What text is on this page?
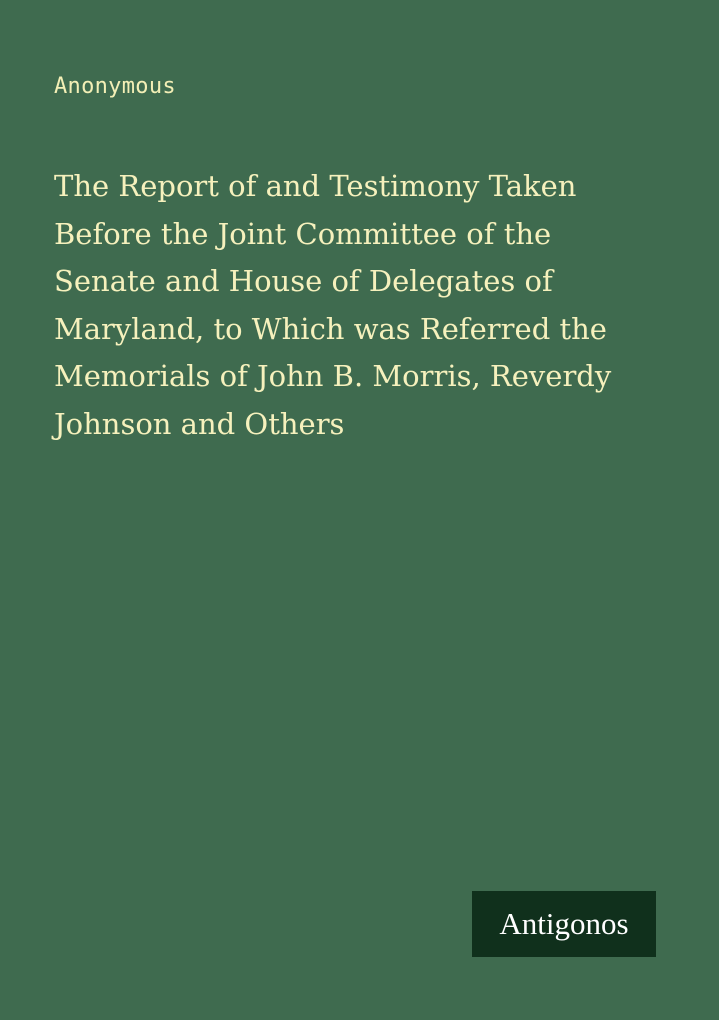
Anonymous
The Report of and Testimony Taken
Before the Joint Committee of the
Senate and House of Delegates of
Maryland, to Which was Referred the
Memorials of John B. Morris, Reverdy
Johnson and Others
Antigonos
